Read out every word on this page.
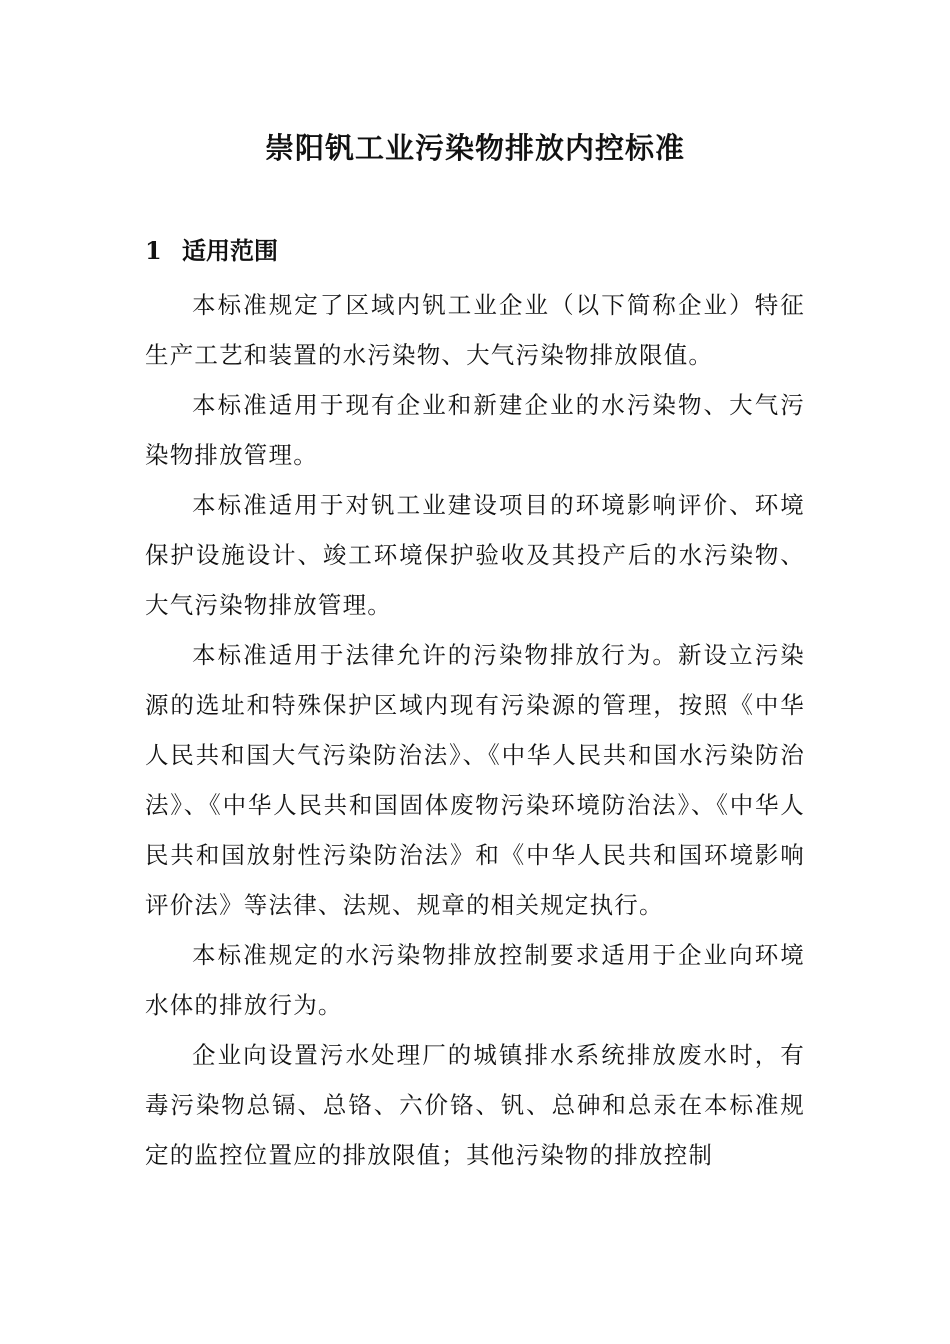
崇阳钒工业污染物排放内控标准
1 适用范围

本标准规定了区域内钒工业企业（以下简称企业）特征生产工艺和装置的水污染物、大气污染物排放限值。

本标准适用于现有企业和新建企业的水污染物、大气污染物排放管理。

本标准适用于对钒工业建设项目的环境影响评价、环境保护设施设计、竣工环境保护验收及其投产后的水污染物、大气污染物排放管理。

本标准适用于法律允许的污染物排放行为。新设立污染源的选址和特殊保护区域内现有污染源的管理，按照《中华人民共和国大气污染防治法》、《中华人民共和国水污染防治法》、《中华人民共和国固体废物污染环境防治法》、《中华人民共和国放射性污染防治法》和《中华人民共和国环境影响评价法》等法律、法规、规章的相关规定执行。

本标准规定的水污染物排放控制要求适用于企业向环境水体的排放行为。

企业向设置污水处理厂的城镇排水系统排放废水时，有毒污染物总镉、总铬、六价铬、钒、总砷和总汞在本标准规定的监控位置应的排放限值；其他污染物的排放控制
